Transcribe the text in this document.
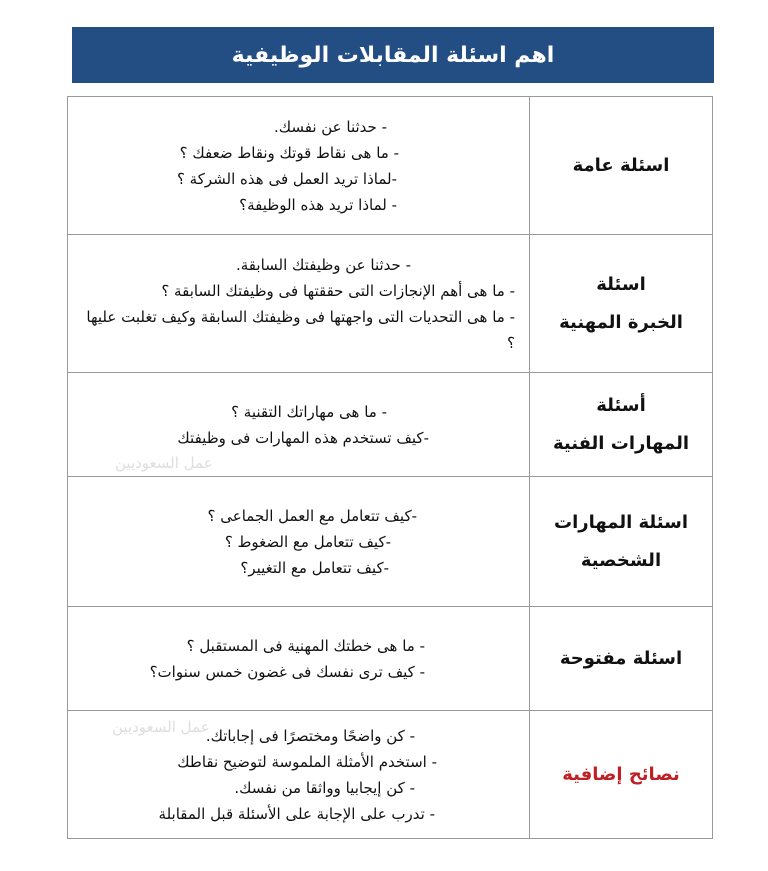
اهم اسئلة المقابلات الوظيفية
اسئلة عامة	- حدثنا عن نفسك.
- ما هى نقاط قوتك ونقاط ضعفك ؟
-لماذا تريد العمل فى هذه الشركة ؟
- لماذا تريد هذه الوظيفة؟

اسئلة
الخبرة المهنية	- حدثنا عن وظيفتك السابقة.
- ما هى أهم الإنجازات التى حققتها فى وظيفتك السابقة ؟
- ما هى التحديات التى واجهتها فى وظيفتك السابقة وكيف تغلبت عليها ؟

أسئلة
المهارات الفنية	- ما هى مهاراتك التقنية ؟
-كيف تستخدم هذه المهارات فى وظيفتك

اسئلة المهارات
الشخصية	-كيف تتعامل مع العمل الجماعى ؟
-كيف تتعامل مع الضغوط ؟
-كيف تتعامل مع التغيير؟

اسئلة مفتوحة	- ما هى خطتك المهنية فى المستقبل ؟
- كيف ترى نفسك فى غضون خمس سنوات؟

نصائح إضافية	- كن واضحًا ومختصرًا فى إجاباتك.
- استخدم الأمثلة الملموسة لتوضيح نقاطك
- كن إيجابيا وواثقا من نفسك.
- تدرب على الإجابة على الأسئلة قبل المقابلة
عمل السعوديين
عمل السعوديين
